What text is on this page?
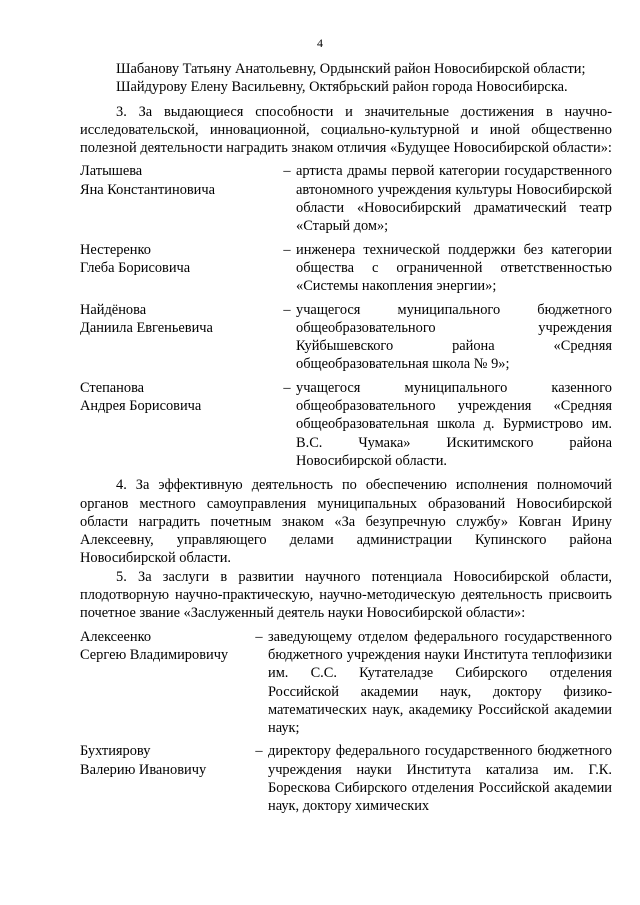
4

Шабанову Татьяну Анатольевну, Ордынский район Новосибирской области;

Шайдурову Елену Васильевну, Октябрьский район города Новосибирска.

3. За выдающиеся способности и значительные достижения в научно-исследовательской, инновационной, социально-культурной и иной общественно полезной деятельности наградить знаком отличия «Будущее Новосибирской области»:

Латышева
Яна Константиновича
– артиста драмы первой категории государственного автономного учреждения культуры Новосибирской области «Новосибирский драматический театр «Старый дом»;
Нестеренко
Глеба Борисовича
– инженера технической поддержки без категории общества с ограниченной ответственностью «Системы накопления энергии»;
Найдёнова
Даниила Евгеньевича
– учащегося муниципального бюджетного общеобразовательного учреждения Куйбышевского района «Средняя общеобразовательная школа № 9»;
Степанова
Андрея Борисовича
– учащегося муниципального казенного общеобразовательного учреждения «Средняя общеобразовательная школа д. Бурмистрово им. В.С. Чумака» Искитимского района Новосибирской области.

4. За эффективную деятельность по обеспечению исполнения полномочий органов местного самоуправления муниципальных образований Новосибирской области наградить почетным знаком «За безупречную службу» Ковган Ирину Алексеевну, управляющего делами администрации Купинского района Новосибирской области.

5. За заслуги в развитии научного потенциала Новосибирской области, плодотворную научно-практическую, научно-методическую деятельность присвоить почетное звание «Заслуженный деятель науки Новосибирской области»:

Алексеенко
Сергею Владимировичу
– заведующему отделом федерального государственного бюджетного учреждения науки Института теплофизики им. С.С. Кутателадзе Сибирского отделения Российской академии наук, доктору физико-математических наук, академику Российской академии наук;
Бухтиярову
Валерию Ивановичу
– директору федерального государственного бюджетного учреждения науки Института катализа им. Г.К. Борескова Сибирского отделения Российской академии наук, доктору химических
